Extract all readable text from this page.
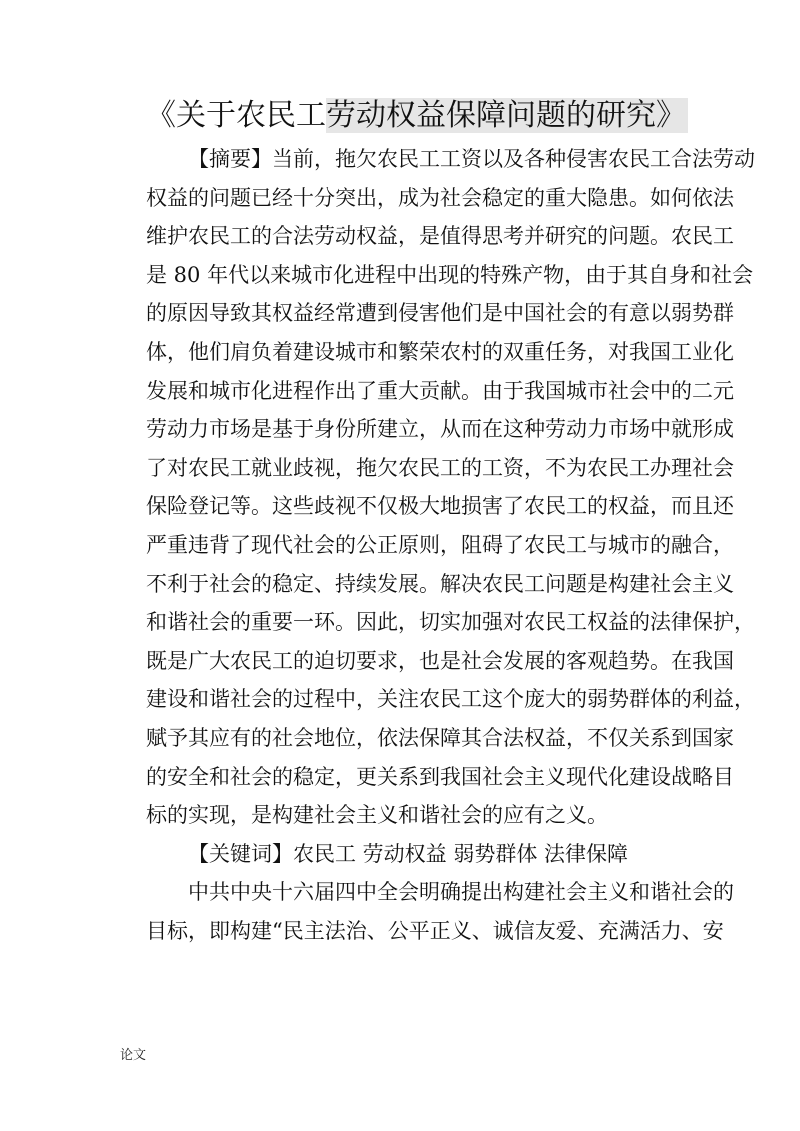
《关于农民工劳动权益保障问题的研究》
【摘要】当前，拖欠农民工工资以及各种侵害农民工合法劳动
权益的问题已经十分突出，成为社会稳定的重大隐患。如何依法
维护农民工的合法劳动权益，是值得思考并研究的问题。农民工
是 80 年代以来城市化进程中出现的特殊产物，由于其自身和社会
的原因导致其权益经常遭到侵害他们是中国社会的有意以弱势群
体，他们肩负着建设城市和繁荣农村的双重任务，对我国工业化
发展和城市化进程作出了重大贡献。由于我国城市社会中的二元
劳动力市场是基于身份所建立，从而在这种劳动力市场中就形成
了对农民工就业歧视，拖欠农民工的工资，不为农民工办理社会
保险登记等。这些歧视不仅极大地损害了农民工的权益，而且还
严重违背了现代社会的公正原则，阻碍了农民工与城市的融合，
不利于社会的稳定、持续发展。解决农民工问题是构建社会主义
和谐社会的重要一环。因此，切实加强对农民工权益的法律保护，
既是广大农民工的迫切要求，也是社会发展的客观趋势。在我国
建设和谐社会的过程中，关注农民工这个庞大的弱势群体的利益，
赋予其应有的社会地位，依法保障其合法权益，不仅关系到国家
的安全和社会的稳定，更关系到我国社会主义现代化建设战略目
标的实现，是构建社会主义和谐社会的应有之义。
【关键词】农民工 劳动权益 弱势群体 法律保障
中共中央十六届四中全会明确提出构建社会主义和谐社会的
目标，即构建“民主法治、公平正义、诚信友爱、充满活力、安
论文
